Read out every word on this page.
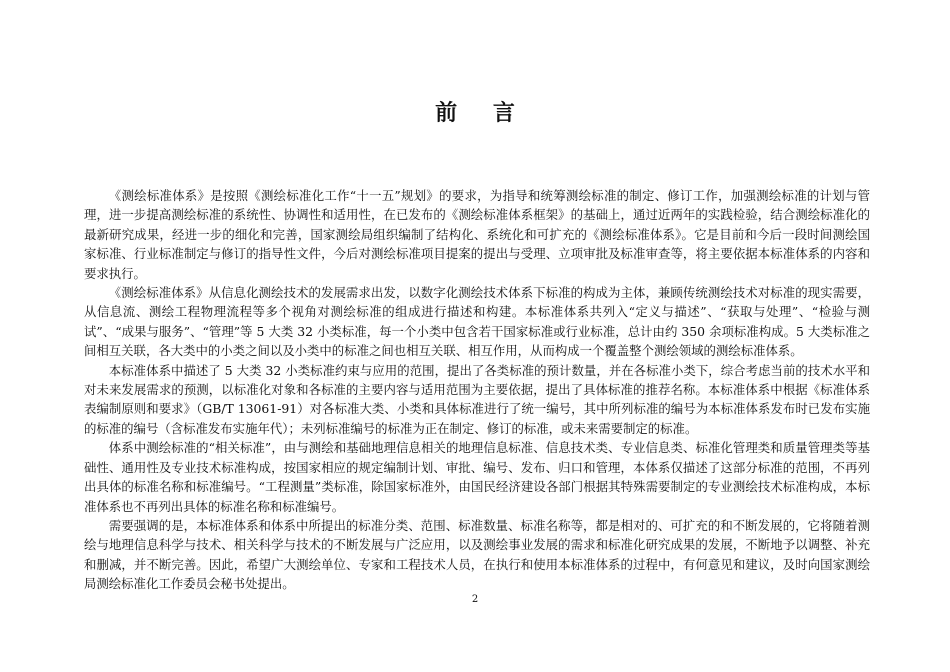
前 言

《测绘标准体系》是按照《测绘标准化工作“十一五”规划》的要求，为指导和统筹测绘标准的制定、修订工作，加强测绘标准的计划与管理，进一步提高测绘标准的系统性、协调性和适用性，在已发布的《测绘标准体系框架》的基础上，通过近两年的实践检验，结合测绘标准化的最新研究成果，经进一步的细化和完善，国家测绘局组织编制了结构化、系统化和可扩充的《测绘标准体系》。它是目前和今后一段时间测绘国家标准、行业标准制定与修订的指导性文件，今后对测绘标准项目提案的提出与受理、立项审批及标准审查等，将主要依据本标准体系的内容和要求执行。

《测绘标准体系》从信息化测绘技术的发展需求出发，以数字化测绘技术体系下标准的构成为主体，兼顾传统测绘技术对标准的现实需要，从信息流、测绘工程物理流程等多个视角对测绘标准的组成进行描述和构建。本标准体系共列入“定义与描述”、“获取与处理”、“检验与测试”、“成果与服务”、“管理”等 5 大类 32 小类标准，每一个小类中包含若干国家标准或行业标准，总计由约 350 余项标准构成。5 大类标准之间相互关联，各大类中的小类之间以及小类中的标准之间也相互关联、相互作用，从而构成一个覆盖整个测绘领域的测绘标准体系。

本标准体系中描述了 5 大类 32 小类标准约束与应用的范围，提出了各类标准的预计数量，并在各标准小类下，综合考虑当前的技术水平和对未来发展需求的预测，以标准化对象和各标准的主要内容与适用范围为主要依据，提出了具体标准的推荐名称。本标准体系中根据《标准体系表编制原则和要求》（GB/T 13061-91）对各标准大类、小类和具体标准进行了统一编号，其中所列标准的编号为本标准体系发布时已发布实施的标准的编号（含标准发布实施年代）；未列标准编号的标准为正在制定、修订的标准，或未来需要制定的标准。

体系中测绘标准的“相关标准”，由与测绘和基础地理信息相关的地理信息标准、信息技术类、专业信息类、标准化管理类和质量管理类等基础性、通用性及专业技术标准构成，按国家相应的规定编制计划、审批、编号、发布、归口和管理，本体系仅描述了这部分标准的范围，不再列出具体的标准名称和标准编号。“工程测量”类标准，除国家标准外，由国民经济建设各部门根据其特殊需要制定的专业测绘技术标准构成，本标准体系也不再列出具体的标准名称和标准编号。

需要强调的是，本标准体系和体系中所提出的标准分类、范围、标准数量、标准名称等，都是相对的、可扩充的和不断发展的，它将随着测绘与地理信息科学与技术、相关科学与技术的不断发展与广泛应用，以及测绘事业发展的需求和标准化研究成果的发展，不断地予以调整、补充和删减，并不断完善。因此，希望广大测绘单位、专家和工程技术人员，在执行和使用本标准体系的过程中，有何意见和建议，及时向国家测绘局测绘标准化工作委员会秘书处提出。

2
